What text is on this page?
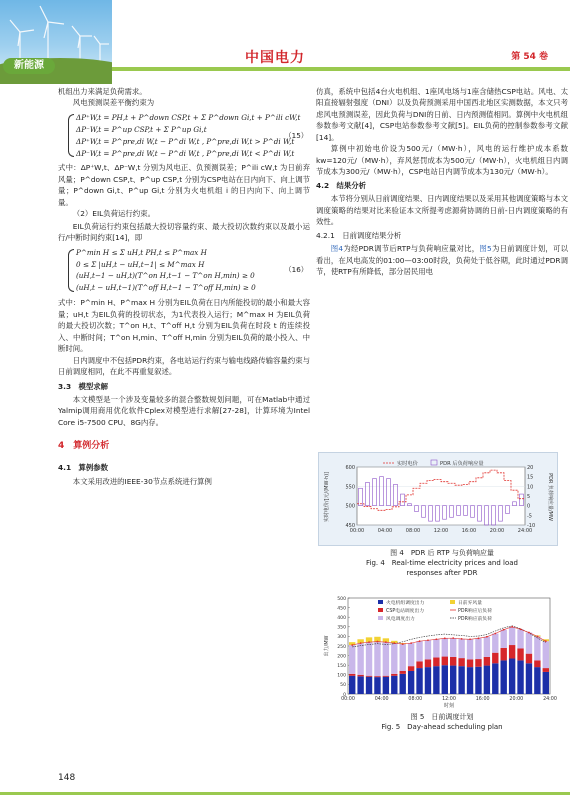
新能源	中国电力	第 54 卷

机组出力来满足负荷需求。

风电预测误差平衡约束为

ΔP⁺W,t = PH,t + P^down CSP,t + Σ P^down Gi,t + P^ili cW,t
ΔP⁻W,t = P^up CSP,t + Σ P^up Gi,t
ΔP⁺W,t = P^pre,di W,t − P^di W,t , P^pre,di W,t > P^di W,t
ΔP⁻W,t = P^pre,di W,t − P^di W,t , P^pre,di W,t < P^di W,t
（15）

式中：ΔP⁺W,t、ΔP⁻W,t 分别为风电正、负预测误差；P^ili cW,t 为日前弃风量；P^down CSP,t、P^up CSP,t 分别为CSP电站在日内向下、向上调节量；P^down Gi,t、P^up Gi,t 分别为火电机组 i 的日内向下、向上调节量。

（2）EIL负荷运行约束。

EIL负荷运行约束包括最大投切容量约束、最大投切次数约束以及最小运行/中断时间约束[14]，即

P^min H ≤ Σ uH,t PH,t ≤ P^max H
0 ≤ Σ |uH,t − uH,t−1| ≤ M^max H
(uH,t−1 − uH,t)(T^on H,t−1 − T^on H,min) ≥ 0
(uH,t − uH,t−1)(T^off H,t−1 − T^off H,min) ≥ 0
（16）

式中：P^min H、P^max H 分别为EIL负荷在日内所能投切的最小和最大容量；uH,t 为EIL负荷的投切状态，为1代表投入运行；M^max H 为EIL负荷的最大投切次数；T^on H,t、T^off H,t 分别为EIL负荷在时段 t 的连续投入、中断时间；T^on H,min、T^off H,min 分别为EIL负荷的最小投入、中断时间。

日内调度中不包括PDR约束，各电站运行约束与输电线路传输容量约束与日前调度相同，在此不再重复叙述。

3.3　模型求解

本文模型是一个涉及变量较多的混合整数规划问题，可在Matlab中通过Yalmip调用商用优化软件Cplex对模型进行求解[27-28]，计算环境为Intel Core i5-7500 CPU、8G内存。

4　算例分析
4.1　算例参数

本文采用改进的IEEE-30节点系统进行算例

仿真，系统中包括4台火电机组、1座风电场与1座含储热CSP电站。风电、太阳直接辐射强度（DNI）以及负荷预测采用中国西北地区实测数据，本文只考虑风电预测误差，因此负荷与DNI的日前、日内预测值相同。算例中火电机组参数参考文献[4]，CSP电站参数参考文献[5]。EIL负荷的控制参数参考文献[14]。

算例中初始电价设为500元/（MW·h），风电的运行维护成本系数 kw=120元/（MW·h），弃风惩罚成本为500元/（MW·h），火电机组日内调节成本为300元/（MW·h），CSP电站日内调节成本为130元/（MW·h）。

4.2　结果分析

本节将分别从日前调度结果、日内调度结果以及采用其他调度策略与本文调度策略的结果对比来验证本文所提考虑源荷协调的日前-日内调度策略的有效性。

4.2.1　日前调度结果分析

图4为经PDR调节后RTP与负荷响应量对比，图5为日前调度计划，可以看出，在风电高发的01:00—03:00时段，负荷处于低谷期，此时通过PDR调节，使RTP有所降低，部分居民用电

450
500
550
600
-10
-5
0
5
10
15
20
00:00	04:00	08:00	12:00	16:00	20:00	24:00
实时电价	PDR 后负荷响应量
实时电价/[元/(MW·h)]	PDR 负荷响应量/MW
图 4　PDR 后 RTP 与负荷响应量
Fig. 4　Real-time electricity prices and load
responses after PDR
0
50
100
150
200
250
300
350
400
450
500
00:00	04:00	08:00	12:00	16:00	20:00	24:00
火电机组调度出力	日前弃风量
CSP电站调度出力	PDR响应后负荷
风电调度出力	PDR响应前负荷
出力/MW
时刻
图 5　日前调度计划
Fig. 5　Day-ahead scheduling plan
148
